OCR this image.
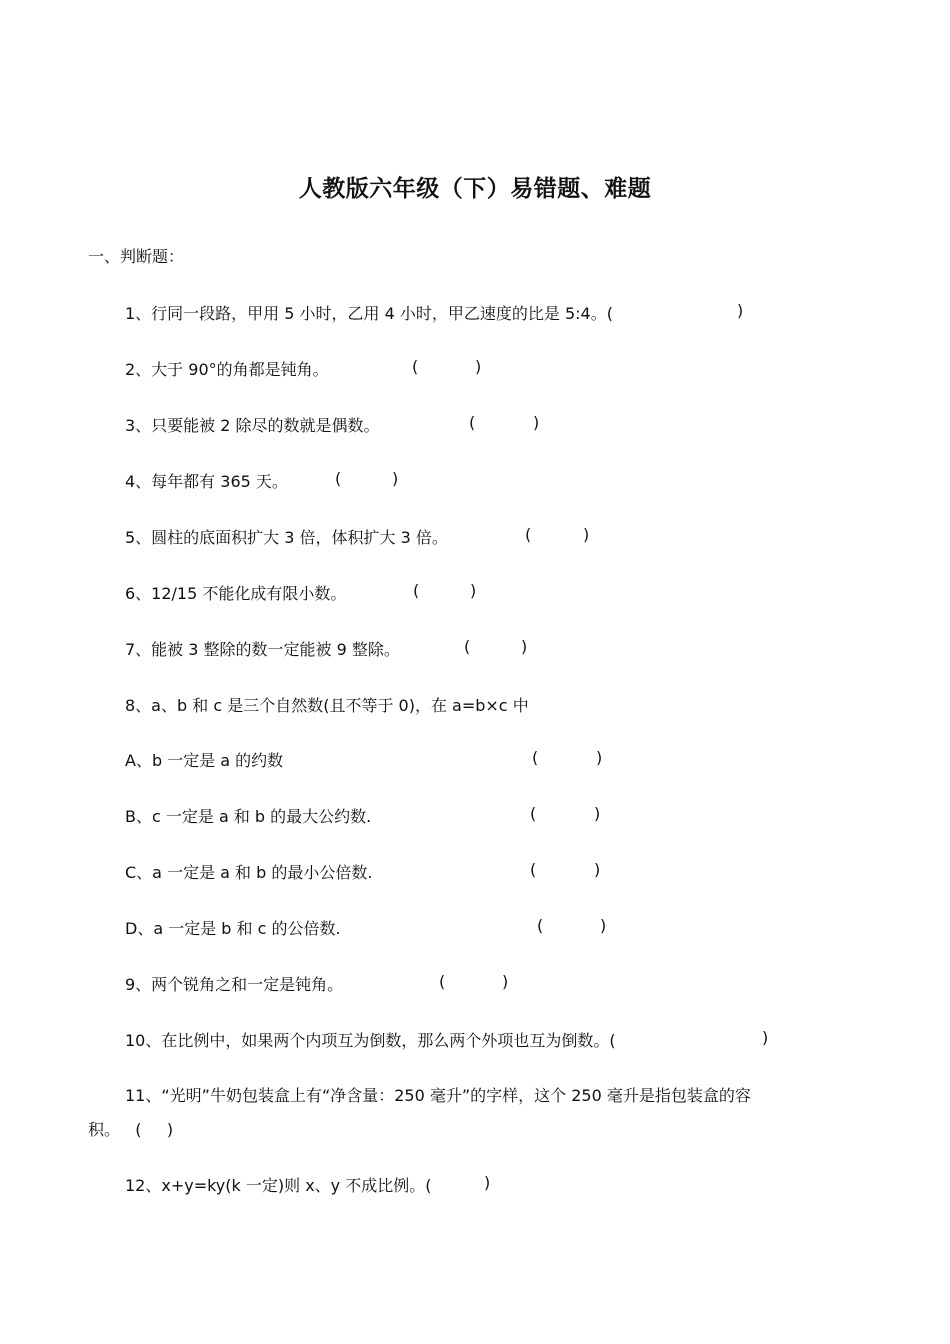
人教版六年级（下）易错题、难题
一、判断题：
1、行同一段路，甲用 5 小时，乙用 4 小时，甲乙速度的比是 5:4。(	)
2、大于 90°的角都是钝角。	(	)
3、只要能被 2 除尽的数就是偶数。	(	)
4、每年都有 365 天。	(	)
5、圆柱的底面积扩大 3 倍，体积扩大 3 倍。	(	)
6、12/15 不能化成有限小数。	(	)
7、能被 3 整除的数一定能被 9 整除。	(	)
8、a、b 和 c 是三个自然数(且不等于 0)，在 a=b×c 中
A、b 一定是 a 的约数	(	)
B、c 一定是 a 和 b 的最大公约数.	(	)
C、a 一定是 a 和 b 的最小公倍数.	(	)
D、a 一定是 b 和 c 的公倍数.	(	)
9、两个锐角之和一定是钝角。	(	)
10、在比例中，如果两个内项互为倒数，那么两个外项也互为倒数。(	)
11、“光明”牛奶包装盒上有“净含量：250 毫升”的字样，这个 250 毫升是指包装盒的容
积。   (     )
12、x+y=ky(k 一定)则 x、y 不成比例。(	)
